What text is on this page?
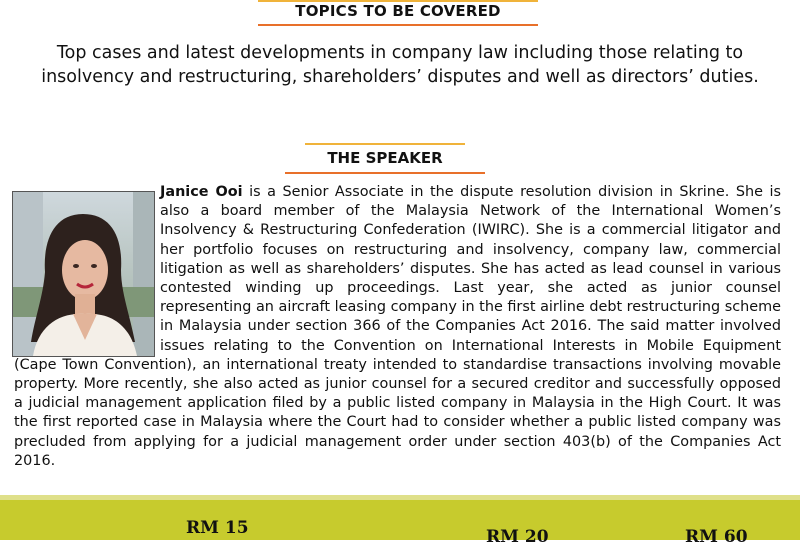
TOPICS TO BE COVERED
Top cases and latest developments in company law including those relating to insolvency and restructuring, shareholders’ disputes and well as directors’ duties.
THE SPEAKER
Janice Ooi is a Senior Associate in the dispute resolution division in Skrine. She is also a board member of the Malaysia Network of the International Women’s Insolvency & Restructuring Confederation (IWIRC). She is a commercial litigator and her portfolio focuses on restructuring and insolvency, company law, commercial litigation as well as shareholders’ disputes. She has acted as lead counsel in various contested winding up proceedings. Last year, she acted as junior counsel representing an aircraft leasing company in the first airline debt restructuring scheme in Malaysia under section 366 of the Companies Act 2016. The said matter involved issues relating to the Convention on International Interests in Mobile Equipment (Cape Town Convention), an international treaty intended to standardise transactions involving movable property. More recently, she also acted as junior counsel for a secured creditor and successfully opposed a judicial management application filed by a public listed company in Malaysia in the High Court. It was the first reported case in Malaysia where the Court had to consider whether a public listed company was precluded from applying for a judicial management order under section 403(b) of the Companies Act 2016.
RM 15	RM 20	RM 60
